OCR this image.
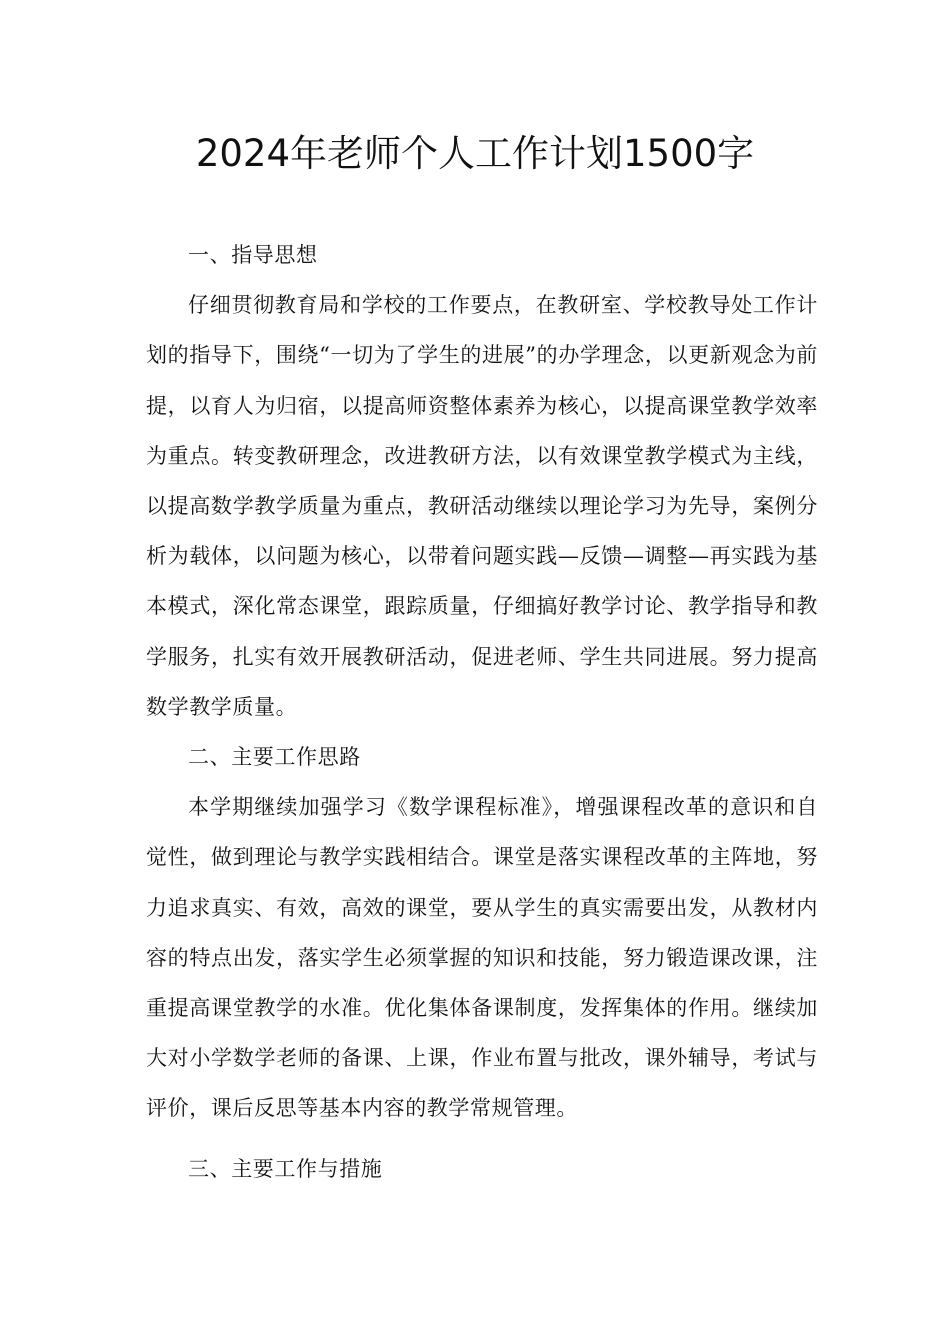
2024年老师个人工作计划1500字

一、指导思想

仔细贯彻教育局和学校的工作要点，在教研室、学校教导处工作计划的指导下，围绕“一切为了学生的进展”的办学理念，以更新观念为前提，以育人为归宿，以提高师资整体素养为核心，以提高课堂教学效率为重点。转变教研理念，改进教研方法，以有效课堂教学模式为主线，以提高数学教学质量为重点，教研活动继续以理论学习为先导，案例分析为载体，以问题为核心，以带着问题实践—反馈—调整—再实践为基本模式，深化常态课堂，跟踪质量，仔细搞好教学讨论、教学指导和教学服务，扎实有效开展教研活动，促进老师、学生共同进展。努力提高数学教学质量。

二、主要工作思路

本学期继续加强学习《数学课程标准》，增强课程改革的意识和自觉性，做到理论与教学实践相结合。课堂是落实课程改革的主阵地，努力追求真实、有效，高效的课堂，要从学生的真实需要出发，从教材内容的特点出发，落实学生必须掌握的知识和技能，努力锻造课改课，注重提高课堂教学的水准。优化集体备课制度，发挥集体的作用。继续加大对小学数学老师的备课、上课，作业布置与批改，课外辅导，考试与评价，课后反思等基本内容的教学常规管理。

三、主要工作与措施
